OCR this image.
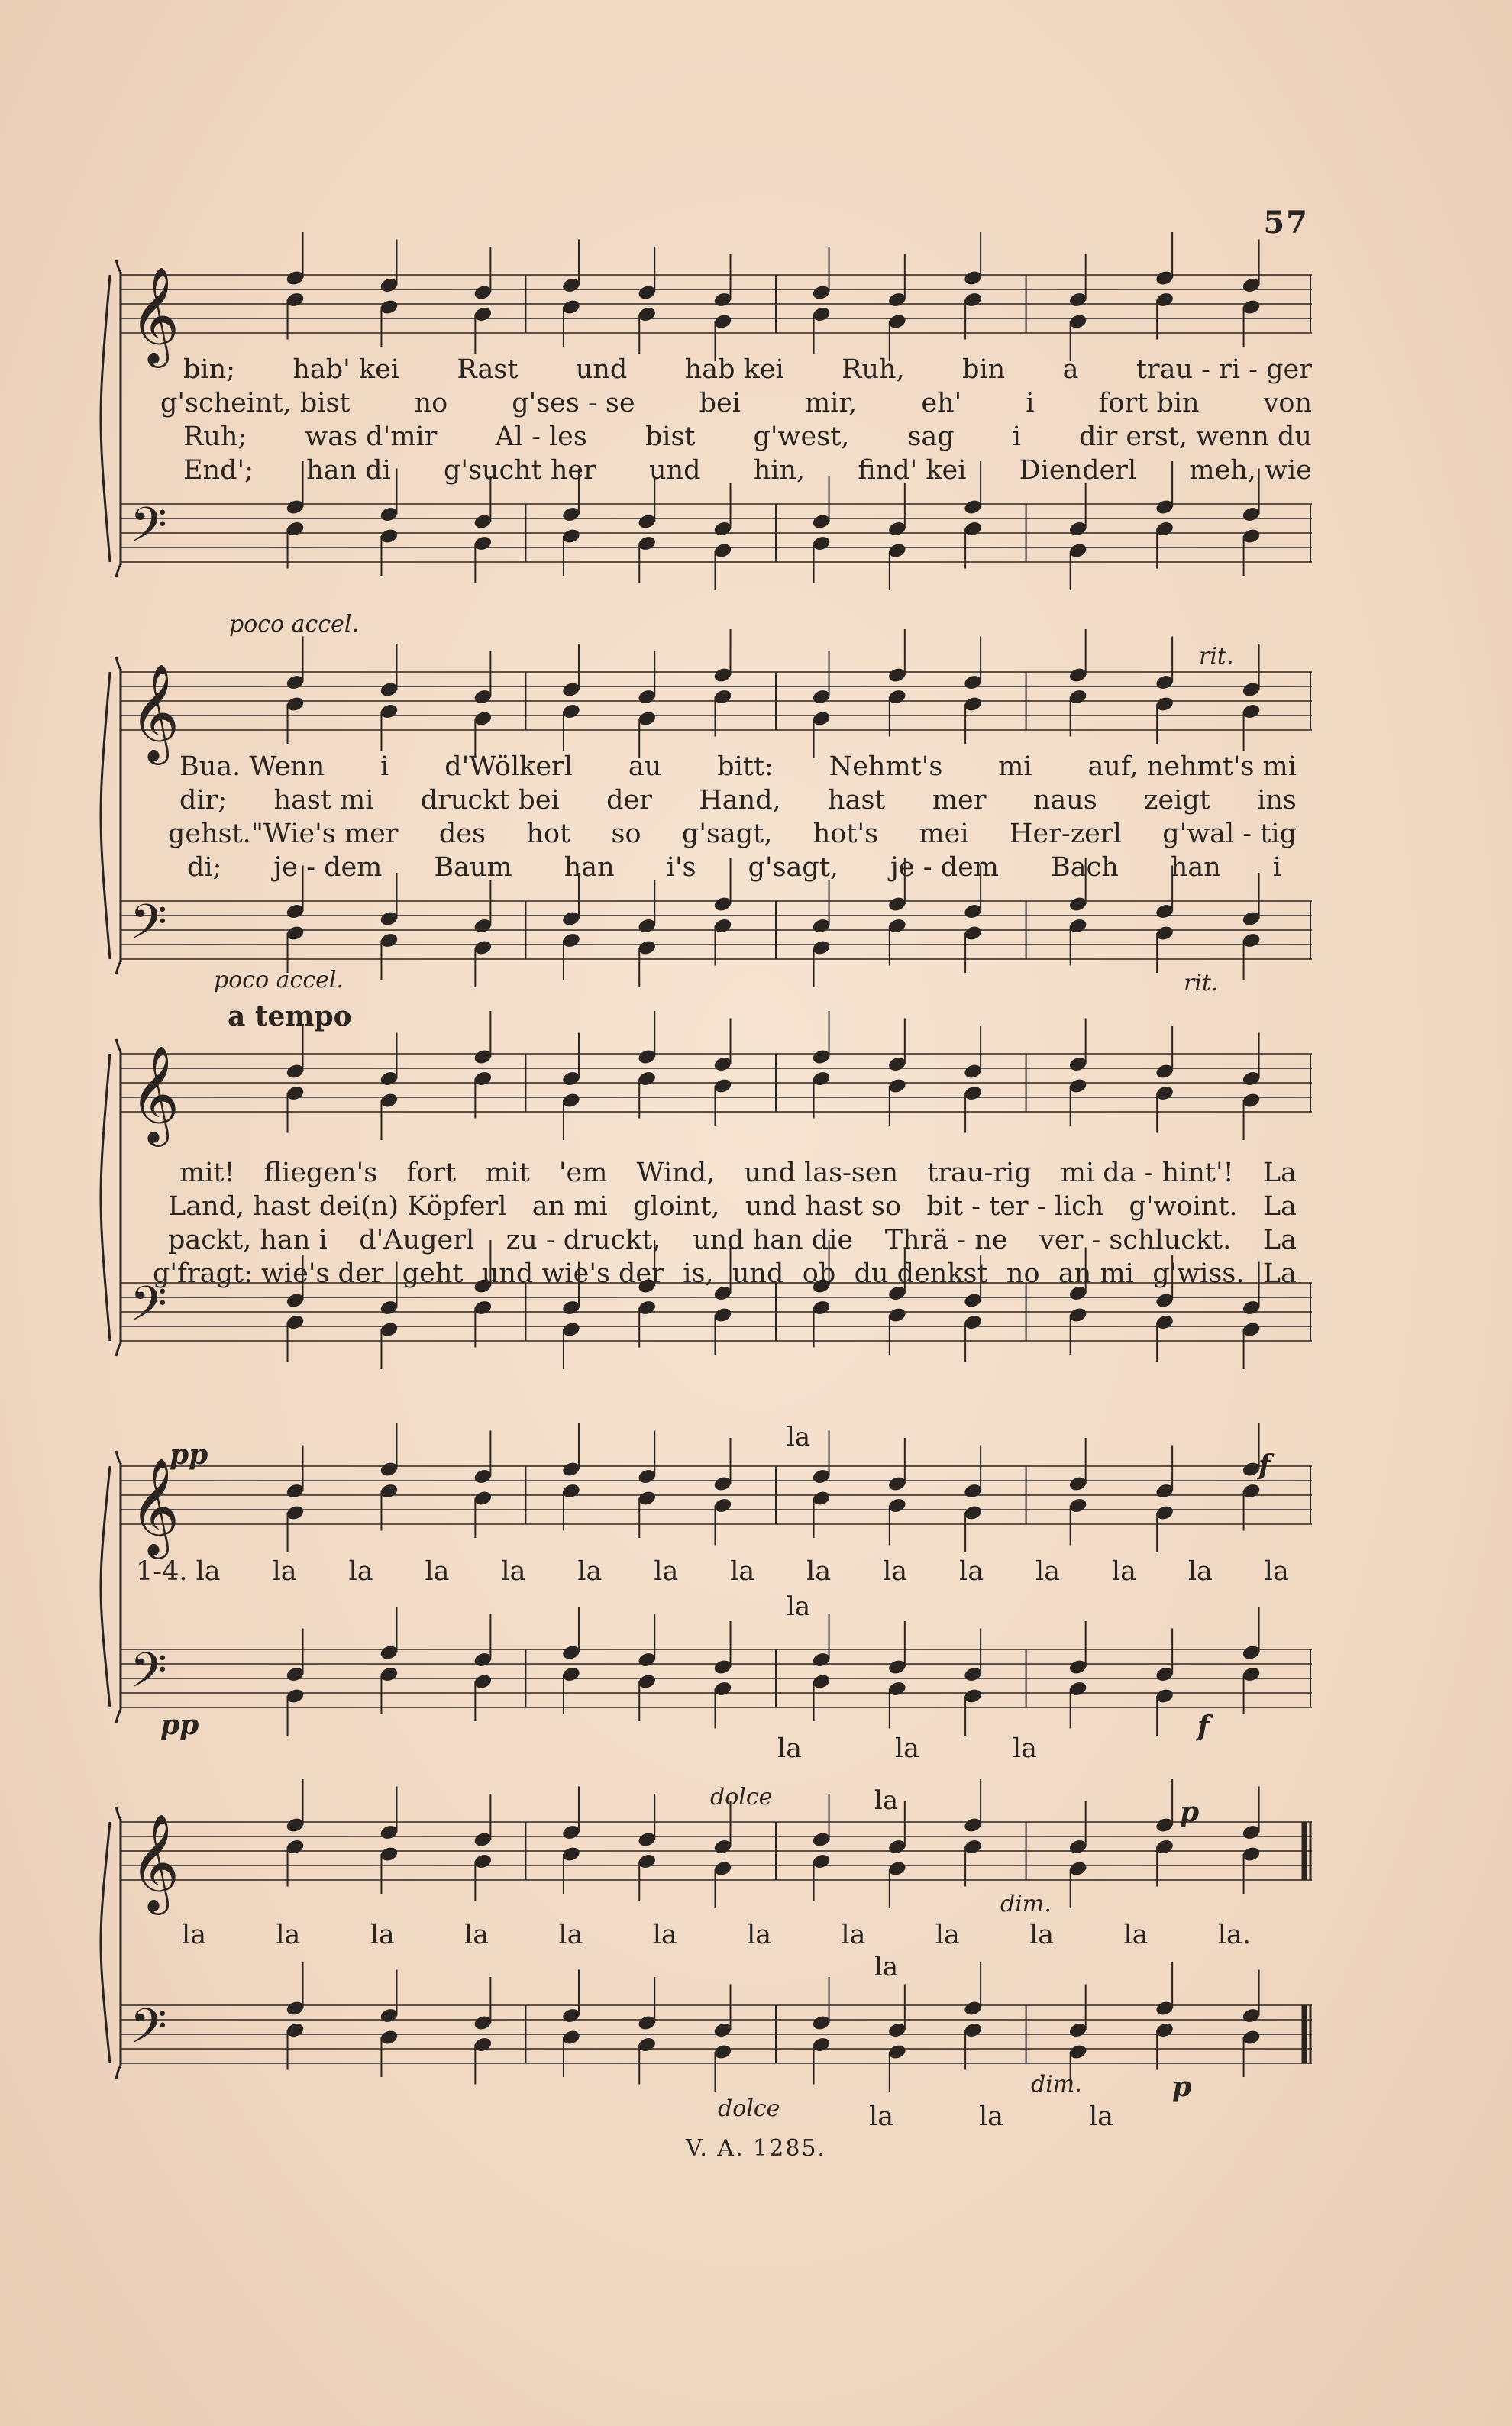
57
𝄞
𝄢
bin; hab' kei Rast und hab kei Ruh, bin a trau - ri - ger
g'scheint, bist no g'ses - se bei mir, eh' i fort bin von
Ruh; was d'mir Al - les bist g'west, sag i dir erst, wenn du
End'; han di g'sucht her und hin, find' kei Dienderl meh, wie
𝄞
𝄢
poco accel.
rit.
poco accel.	rit.
Bua. Wenn i d'Wölkerl au bitt: Nehmt's mi auf, nehmt's mi
dir; hast mi druckt bei der Hand, hast mer naus zeigt ins
gehst."Wie's mer des hot so g'sagt, hot's mei Her-zerl g'wal - tig
di; je - dem Baum han i's g'sagt, je - dem Bach han i
𝄞
𝄢
a tempo
mit! fliegen's fort mit 'em Wind, und las-sen trau-rig mi da - hint'! La
Land, hast dei(n) Köpferl an mi gloint, und hast so bit - ter - lich g'woint. La
packt, han i d'Augerl zu - druckt, und han die Thrä - ne ver - schluckt. La
g'fragt: wie's der geht und wie's der is, und ob du denkst no an mi g'wiss. La
𝄞
𝄢
pp
pp
f
f
la
la
1-4. la la la la la la la la la la la la la la la
la	la	la
𝄞
𝄢
dolce
dolce
dim.
dim.
p
p
la
la
la	la	la	la	la	la	la	la	la	la	la	la.
la	la	la
V. A. 1285.
